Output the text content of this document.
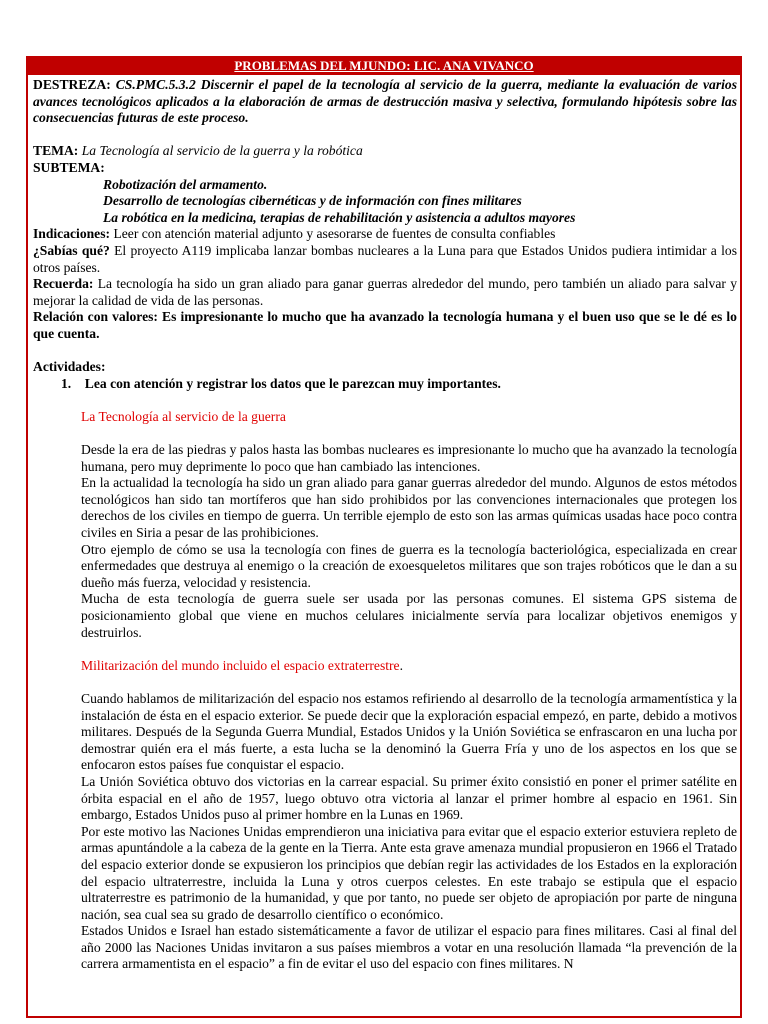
PROBLEMAS DEL MJUNDO: LIC. ANA VIVANCO

DESTREZA: CS.PMC.5.3.2 Discernir el papel de la tecnología al servicio de la guerra, mediante la evaluación de varios avances tecnológicos aplicados a la elaboración de armas de destrucción masiva y selectiva, formulando hipótesis sobre las consecuencias futuras de este proceso.

TEMA: La Tecnología al servicio de la guerra y la robótica

SUBTEMA:

Robotización del armamento.

Desarrollo de tecnologías cibernéticas y de información con fines militares

La robótica en la medicina, terapias de rehabilitación y asistencia a adultos mayores

Indicaciones: Leer con atención material adjunto y asesorarse de fuentes de consulta confiables

¿Sabías qué? El proyecto A119 implicaba lanzar bombas nucleares a la Luna para que Estados Unidos pudiera intimidar a los otros países.

Recuerda: La tecnología ha sido un gran aliado para ganar guerras alrededor del mundo, pero también un aliado para salvar y mejorar la calidad de vida de las personas.

Relación con valores: Es impresionante lo mucho que ha avanzado la tecnología humana y el buen uso que se le dé es lo que cuenta.

Actividades:

1. Lea con atención y registrar los datos que le parezcan muy importantes.

La Tecnología al servicio de la guerra

Desde la era de las piedras y palos hasta las bombas nucleares es impresionante lo mucho que ha avanzado la tecnología humana, pero muy deprimente lo poco que han cambiado las intenciones.

En la actualidad la tecnología ha sido un gran aliado para ganar guerras alrededor del mundo. Algunos de estos métodos tecnológicos han sido tan mortíferos que han sido prohibidos por las convenciones internacionales que protegen los derechos de los civiles en tiempo de guerra. Un terrible ejemplo de esto son las armas químicas usadas hace poco contra civiles en Siria a pesar de las prohibiciones.

Otro ejemplo de cómo se usa la tecnología con fines de guerra es la tecnología bacteriológica, especializada en crear enfermedades que destruya al enemigo o la creación de exoesqueletos militares que son trajes robóticos que le dan a su dueño más fuerza, velocidad y resistencia.

Mucha de esta tecnología de guerra suele ser usada por las personas comunes. El sistema GPS sistema de posicionamiento global que viene en muchos celulares inicialmente servía para localizar objetivos enemigos y destruirlos.

Militarización del mundo incluido el espacio extraterrestre.

Cuando hablamos de militarización del espacio nos estamos refiriendo al desarrollo de la tecnología armamentística y la instalación de ésta en el espacio exterior. Se puede decir que la exploración espacial empezó, en parte, debido a motivos militares. Después de la Segunda Guerra Mundial, Estados Unidos y la Unión Soviética se enfrascaron en una lucha por demostrar quién era el más fuerte, a esta lucha se la denominó la Guerra Fría y uno de los aspectos en los que se enfocaron estos países fue conquistar el espacio.

La Unión Soviética obtuvo dos victorias en la carrear espacial. Su primer éxito consistió en poner el primer satélite en órbita espacial en el año de 1957, luego obtuvo otra victoria al lanzar el primer hombre al espacio en 1961. Sin embargo, Estados Unidos puso al primer hombre en la Lunas en 1969.

Por este motivo las Naciones Unidas emprendieron una iniciativa para evitar que el espacio exterior estuviera repleto de armas apuntándole a la cabeza de la gente en la Tierra. Ante esta grave amenaza mundial propusieron en 1966 el Tratado del espacio exterior donde se expusieron los principios que debían regir las actividades de los Estados en la exploración del espacio ultraterrestre, incluida la Luna y otros cuerpos celestes. En este trabajo se estipula que el espacio ultraterrestre es patrimonio de la humanidad, y que por tanto, no puede ser objeto de apropiación por parte de ninguna nación, sea cual sea su grado de desarrollo científico o económico.

Estados Unidos e Israel han estado sistemáticamente a favor de utilizar el espacio para fines militares. Casi al final del año 2000 las Naciones Unidas invitaron a sus países miembros a votar en una resolución llamada “la prevención de la carrera armamentista en el espacio” a fin de evitar el uso del espacio con fines militares. N
